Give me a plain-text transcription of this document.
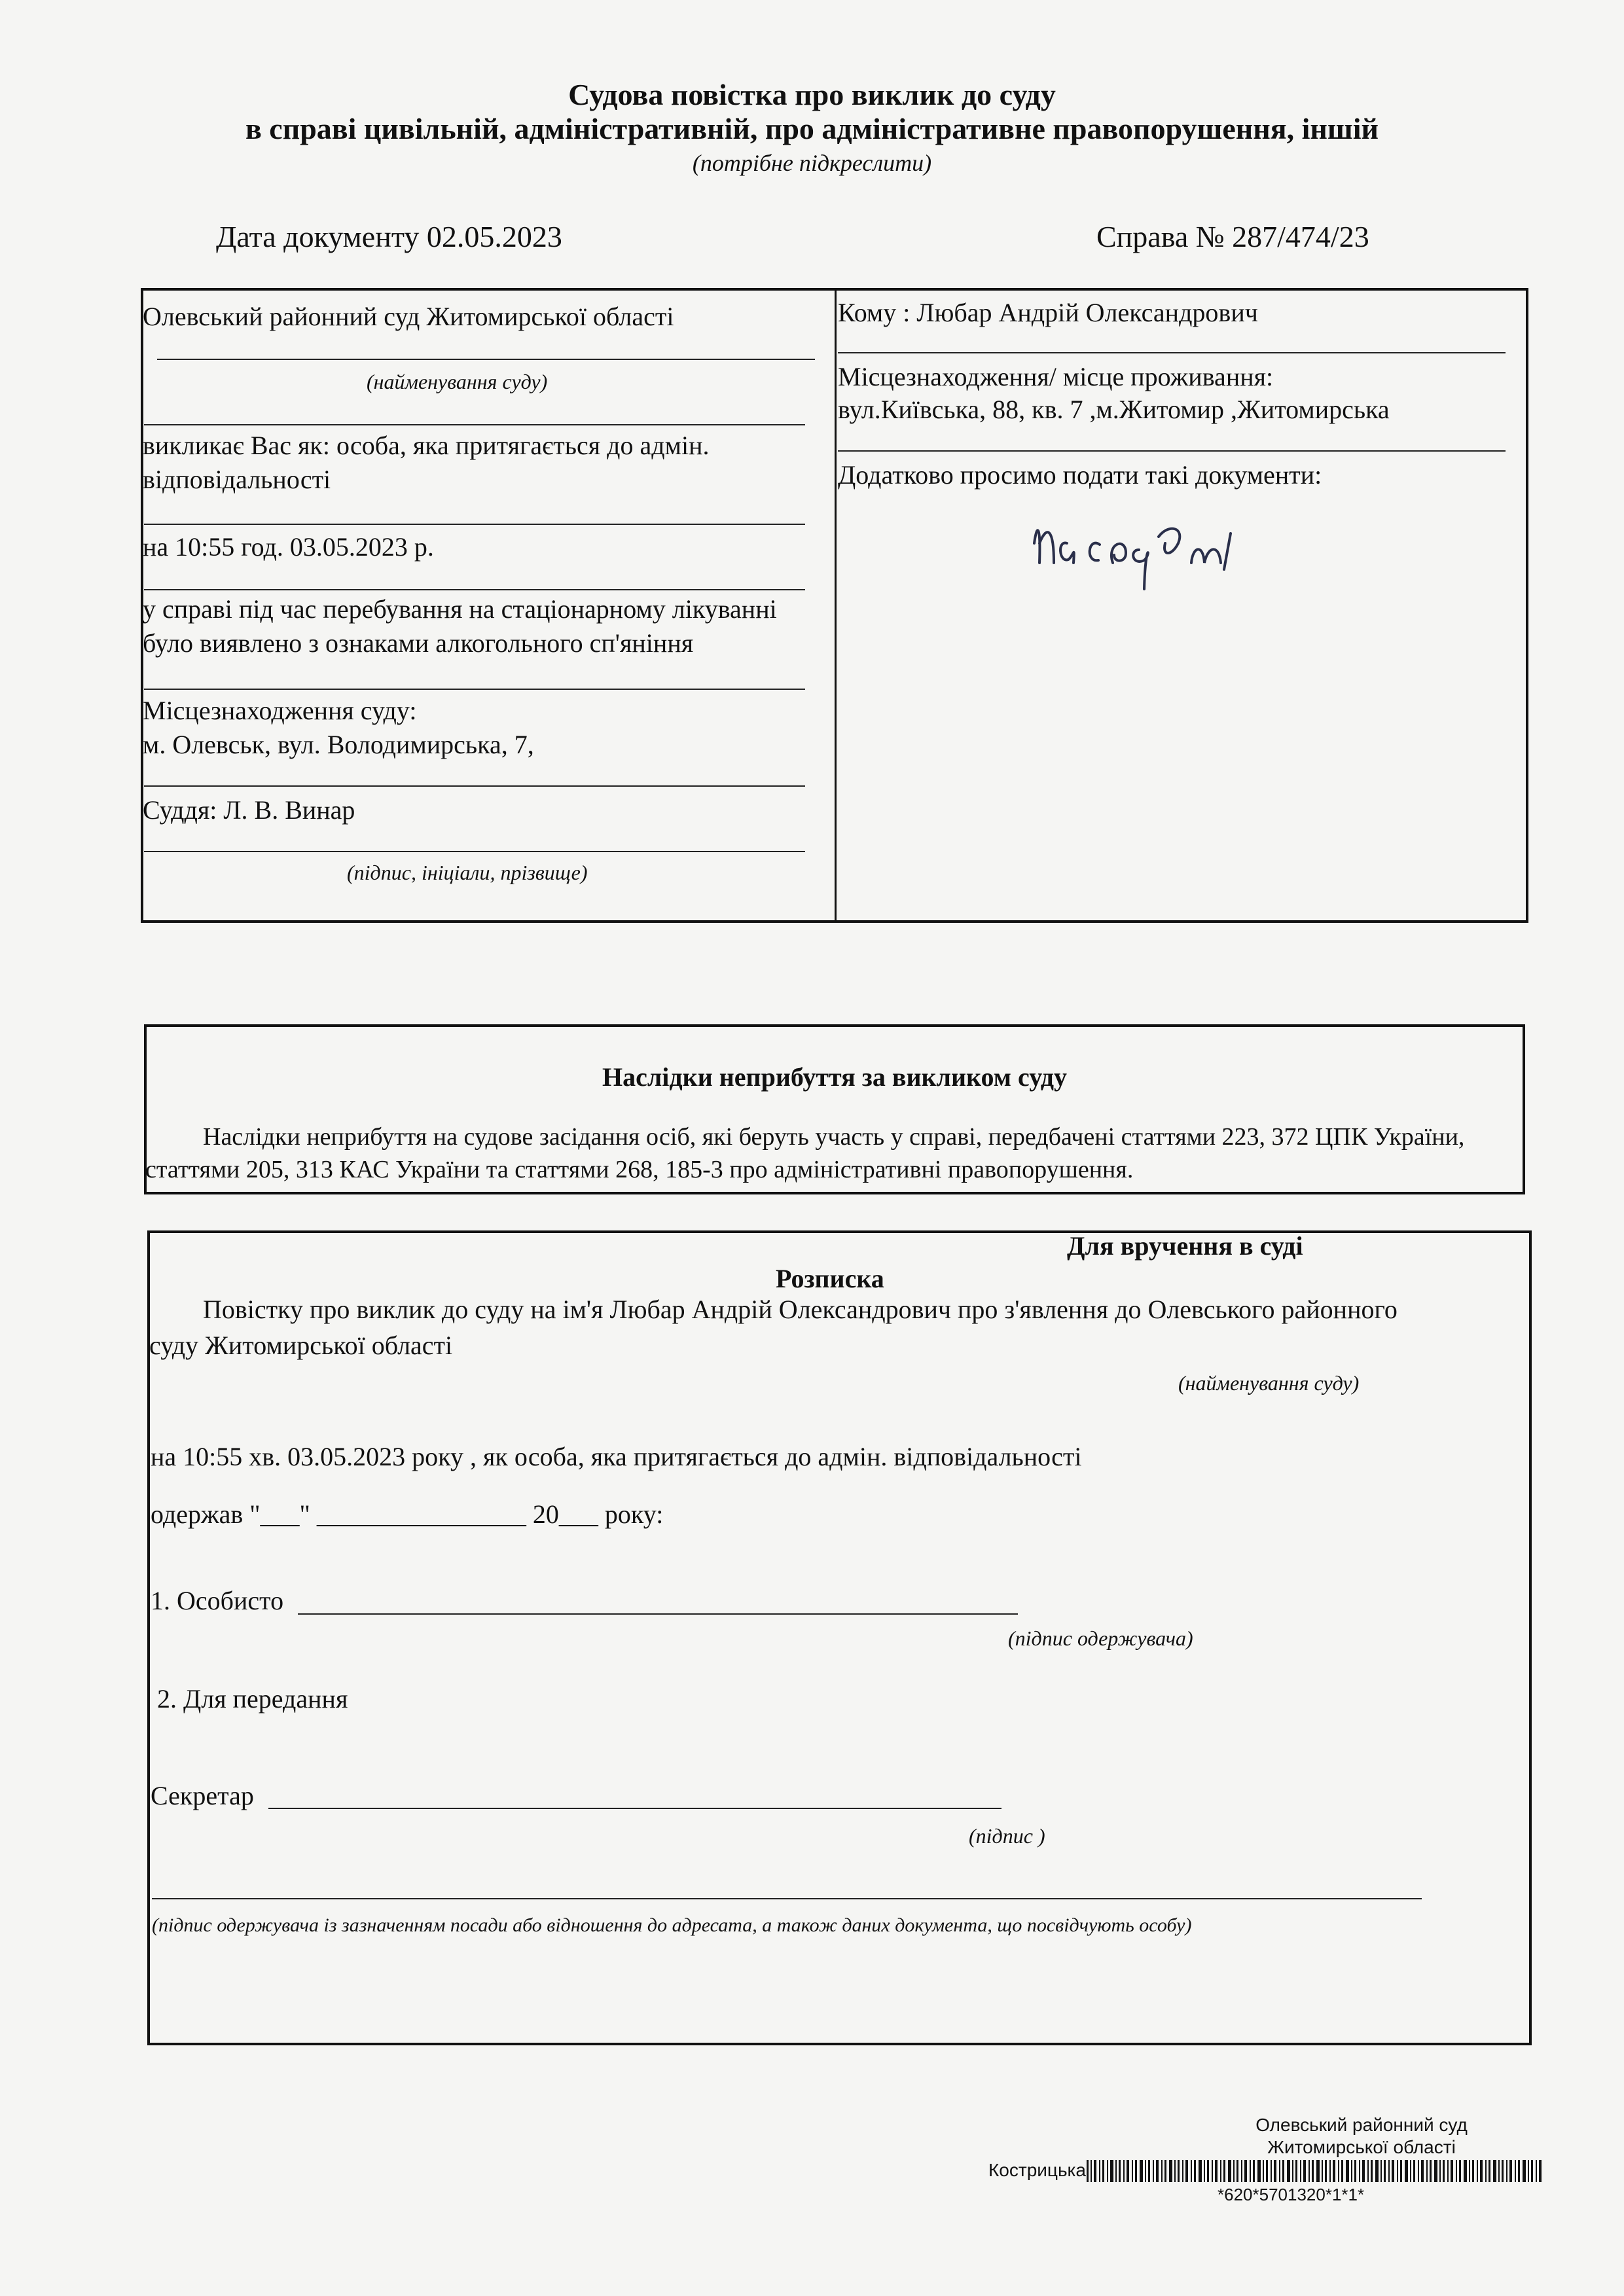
Судова повістка про виклик до суду
в справі цивільній, адміністративній, про адміністративне правопорушення, іншій
(потрібне підкреслити)
Дата документу 02.05.2023	Справа № 287/474/23
Олевський районний суд Житомирської області
(найменування суду)
викликає Вас як: особа, яка притягається до адмін.
відповідальності
на 10:55 год. 03.05.2023 р.
у справі під час перебування на стаціонарному лікуванні
було виявлено з ознаками алкогольного сп'яніння
Місцезнаходження суду:
м. Олевськ, вул. Володимирська, 7,
Суддя: Л. В. Винар
(підпис, ініціали, прізвище)
Кому : Любар Андрій Олександрович
Місцезнаходження/ місце проживання:
вул.Київська, 88, кв. 7 ,м.Житомир ,Житомирська
Додатково просимо подати такі документи:
Наслідки неприбуття за викликом суду
Наслідки неприбуття на судове засідання осіб, які беруть участь у справі, передбачені статтями 223, 372 ЦПК України,
статтями 205, 313 КАС України та статтями 268, 185-3 про адміністративні правопорушення.
Для вручення в суді
Розписка
Повістку про виклик до суду на ім'я Любар Андрій Олександрович про з'явлення до Олевського районного
суду Житомирської області
(найменування суду)
на 10:55 хв. 03.05.2023 року , як особа, яка притягається до адмін. відповідальності
одержав "___" ________________ 20___ року:
1. Особисто
(підпис одержувача)
2. Для передання
Секретар
(підпис )
(підпис одержувача із зазначенням посади або відношення до адресата, а також даних документа, що посвідчують особу)
Олевський районний суд
Житомирської області
Кострицька
*620*5701320*1*1*
